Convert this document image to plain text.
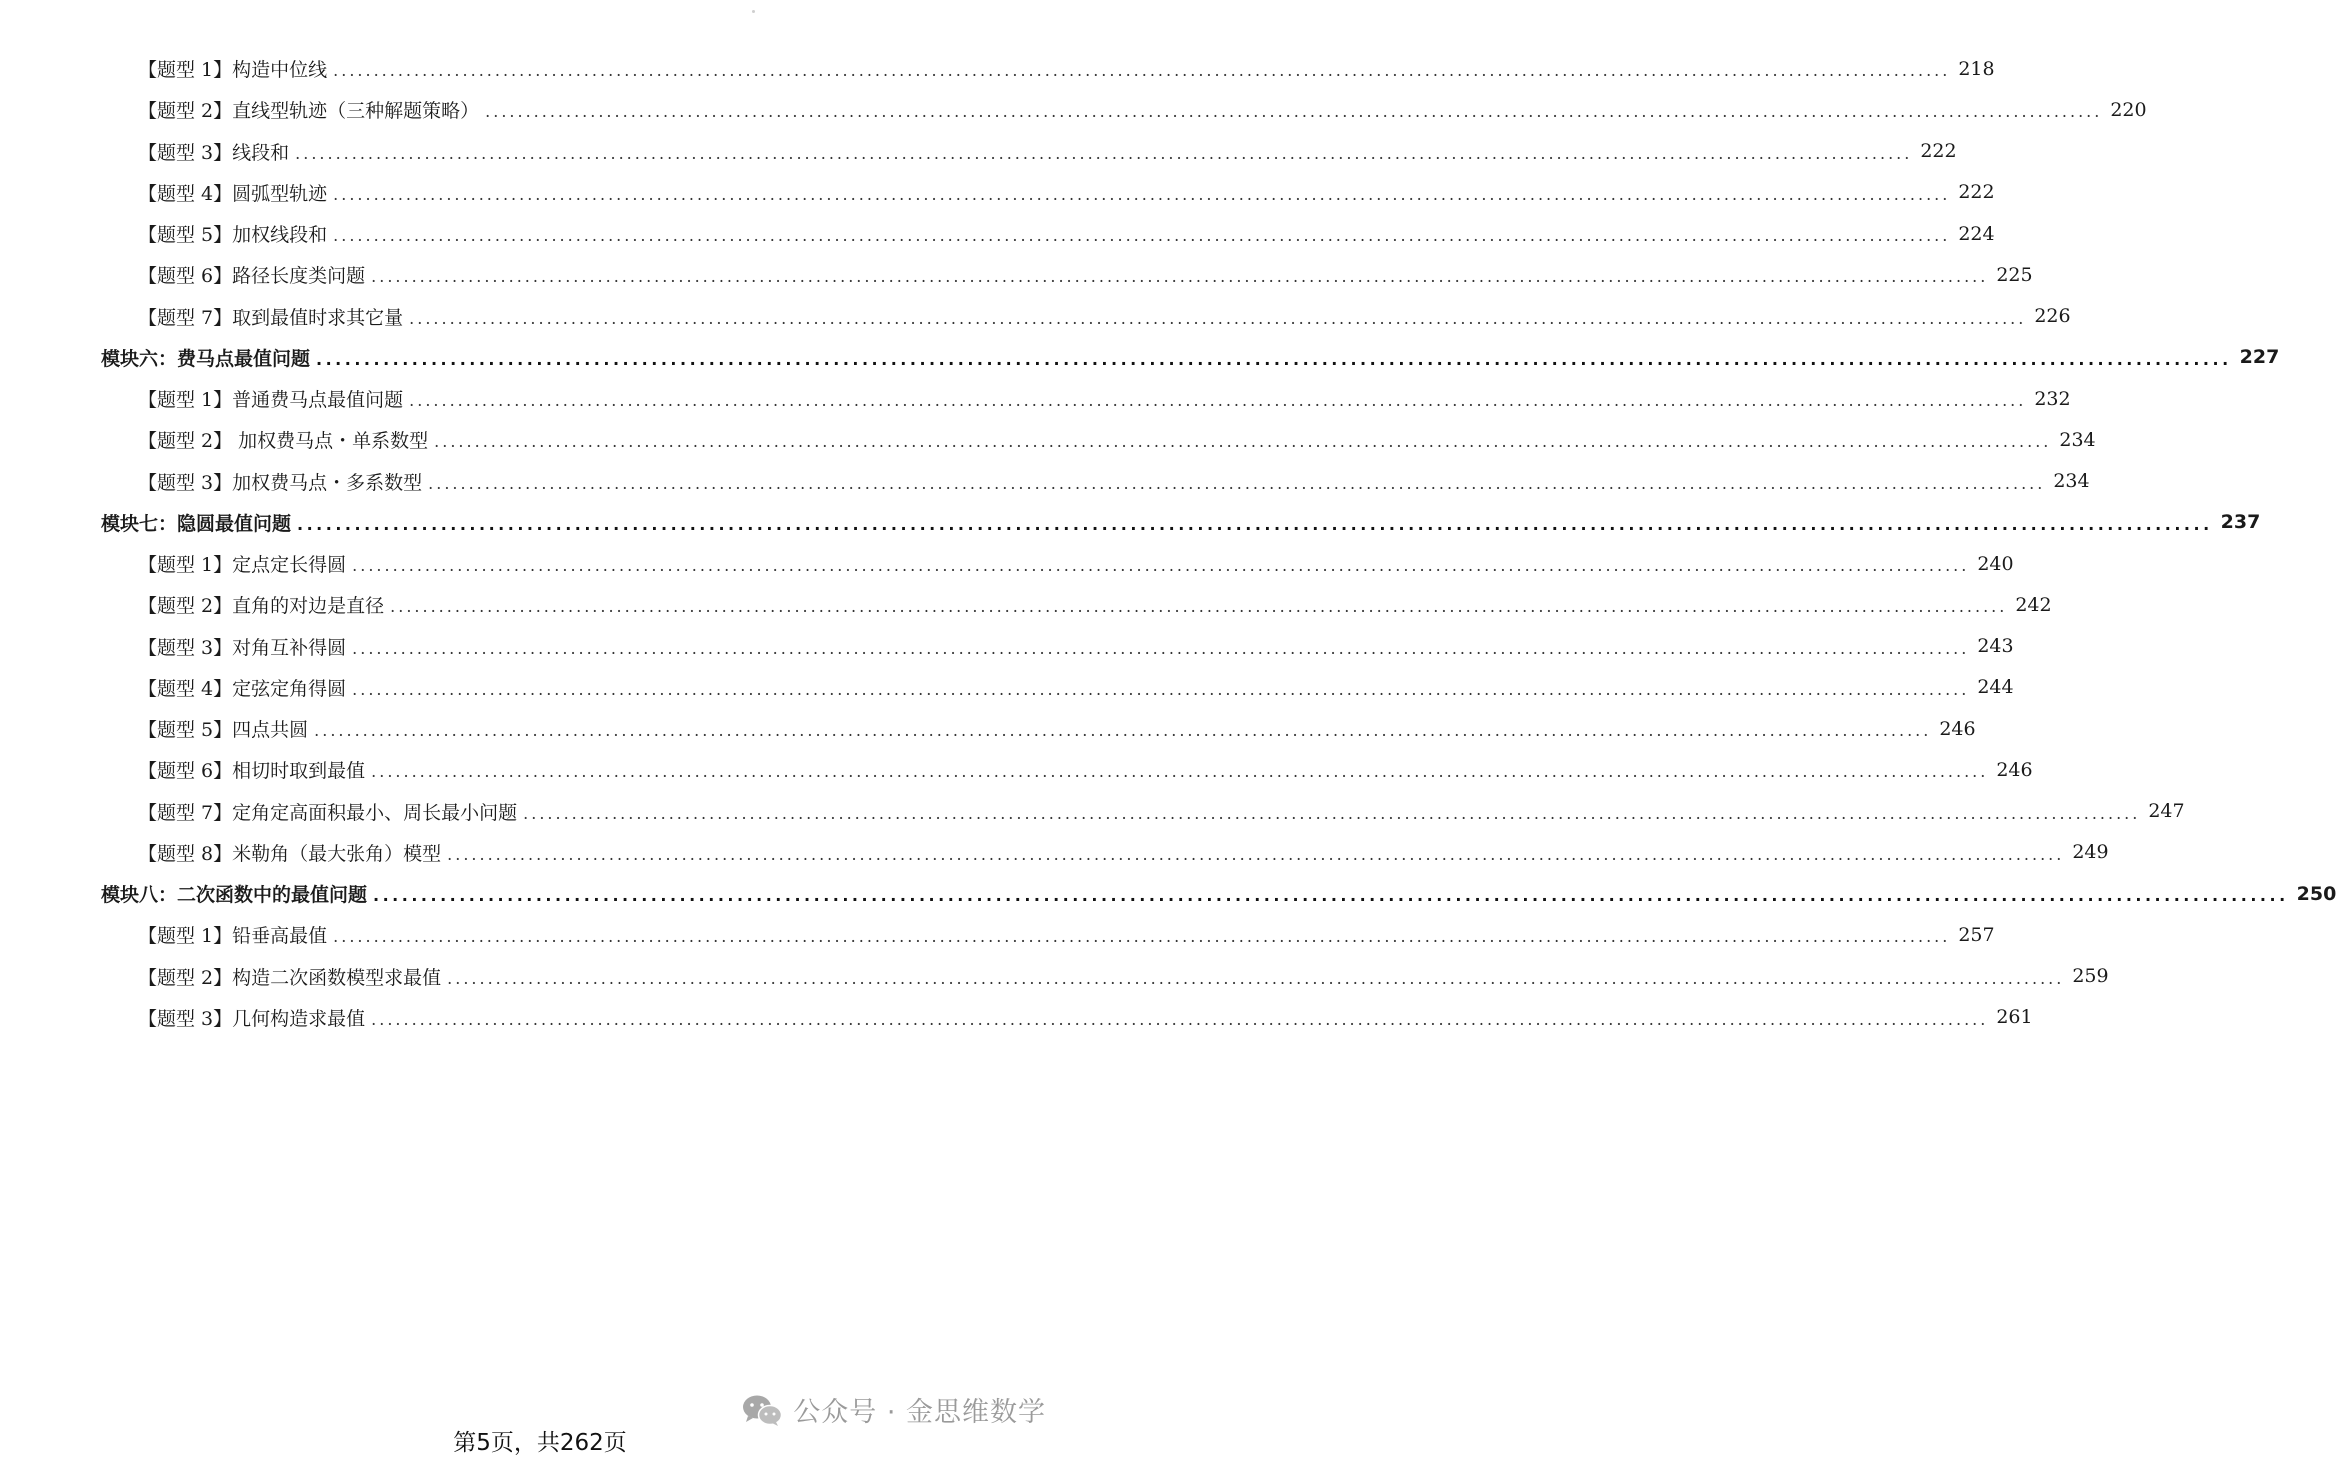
【题型 1】构造中位线 ........................................................................................................................................................................................................ 218
【题型 2】直线型轨迹（三种解题策略） ........................................................................................................................................................................................................ 220
【题型 3】线段和 ........................................................................................................................................................................................................ 222
【题型 4】圆弧型轨迹 ........................................................................................................................................................................................................ 222
【题型 5】加权线段和 ........................................................................................................................................................................................................ 224
【题型 6】路径长度类问题 ........................................................................................................................................................................................................ 225
【题型 7】取到最值时求其它量 ........................................................................................................................................................................................................ 226
模块六：费马点最值问题 ........................................................................................................................................................................................................ 227
【题型 1】普通费马点最值问题 ........................................................................................................................................................................................................ 232
【题型 2】 加权费马点・单系数型 ........................................................................................................................................................................................................ 234
【题型 3】加权费马点・多系数型 ........................................................................................................................................................................................................ 234
模块七：隐圆最值问题 ........................................................................................................................................................................................................ 237
【题型 1】定点定长得圆 ........................................................................................................................................................................................................ 240
【题型 2】直角的对边是直径 ........................................................................................................................................................................................................ 242
【题型 3】对角互补得圆 ........................................................................................................................................................................................................ 243
【题型 4】定弦定角得圆 ........................................................................................................................................................................................................ 244
【题型 5】四点共圆 ........................................................................................................................................................................................................ 246
【题型 6】相切时取到最值 ........................................................................................................................................................................................................ 246
【题型 7】定角定高面积最小、周长最小问题 ........................................................................................................................................................................................................ 247
【题型 8】米勒角（最大张角）模型 ........................................................................................................................................................................................................ 249
模块八：二次函数中的最值问题 ........................................................................................................................................................................................................ 250
【题型 1】铅垂高最值 ........................................................................................................................................................................................................ 257
【题型 2】构造二次函数模型求最值 ........................................................................................................................................................................................................ 259
【题型 3】几何构造求最值 ........................................................................................................................................................................................................ 261
公众号 · 金思维数学
第5页，共262页
